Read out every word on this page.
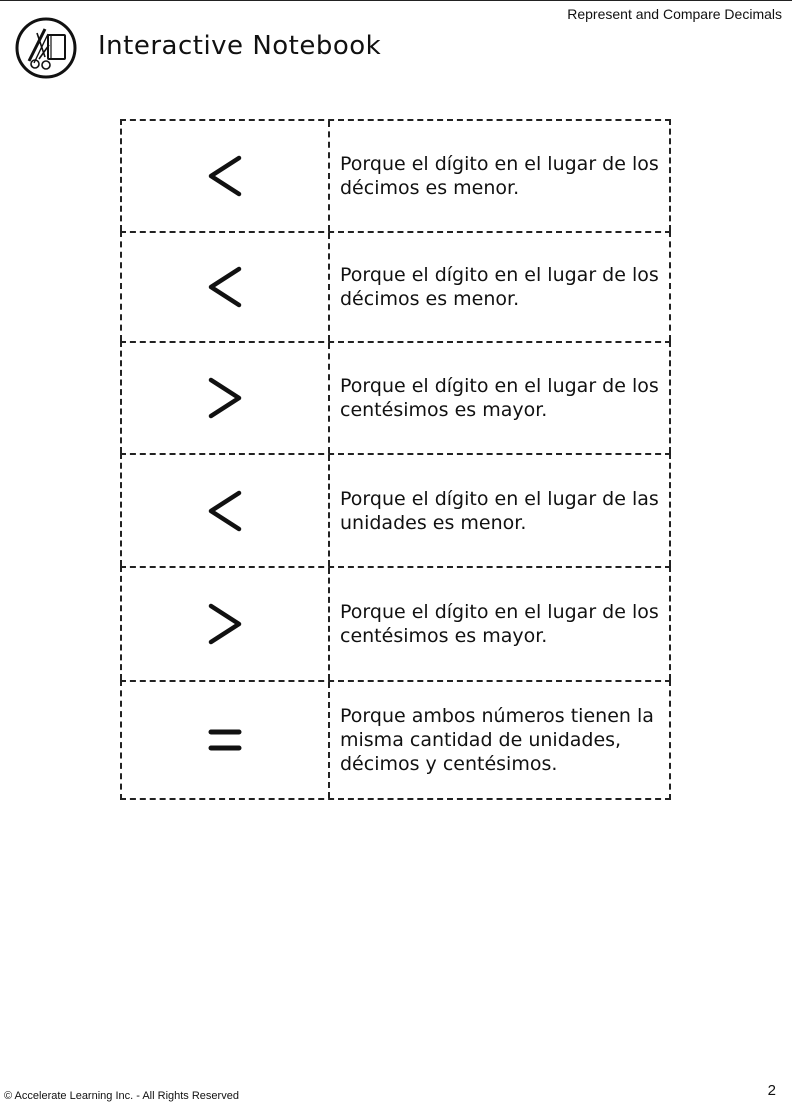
Represent and Compare Decimals
Interactive Notebook
Porque el dígito en el lugar de los décimos es menor.
Porque el dígito en el lugar de los décimos es menor.
Porque el dígito en el lugar de los centésimos es mayor.
Porque el dígito en el lugar de las unidades es menor.
Porque el dígito en el lugar de los centésimos es mayor.
Porque ambos números tienen la misma cantidad de unidades, décimos y centésimos.
© Accelerate Learning Inc. - All Rights Reserved	2
